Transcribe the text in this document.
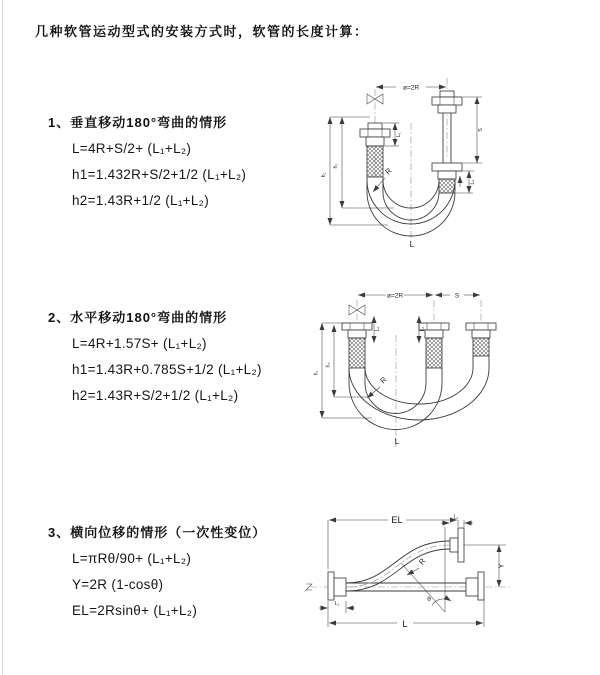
几种软管运动型式的安装方式时，软管的长度计算：
1、垂直移动180°弯曲的情形
L=4R+S/2+ (L₁+L₂)
h1=1.432R+S/2+1/2 (L₁+L₂)
h2=1.43R+1/2 (L₁+L₂)
2、水平移动180°弯曲的情形
L=4R+1.57S+ (L₁+L₂)
h1=1.43R+0.785S+1/2 (L₁+L₂)
h2=1.43R+S/2+1/2 (L₁+L₂)
3、横向位移的情形（一次性变位）
L=πRθ/90+ (L₁+L₂)
Y=2R (1-cosθ)
EL=2Rsinθ+ (L₁+L₂)
ø=2R
h₁
h₂
L₁
S
L₂
R
L
ø=2R	S
h₁
h₂
L₁	L₁
R
L
EL	L₁
Y
L
L₁
R
θ
